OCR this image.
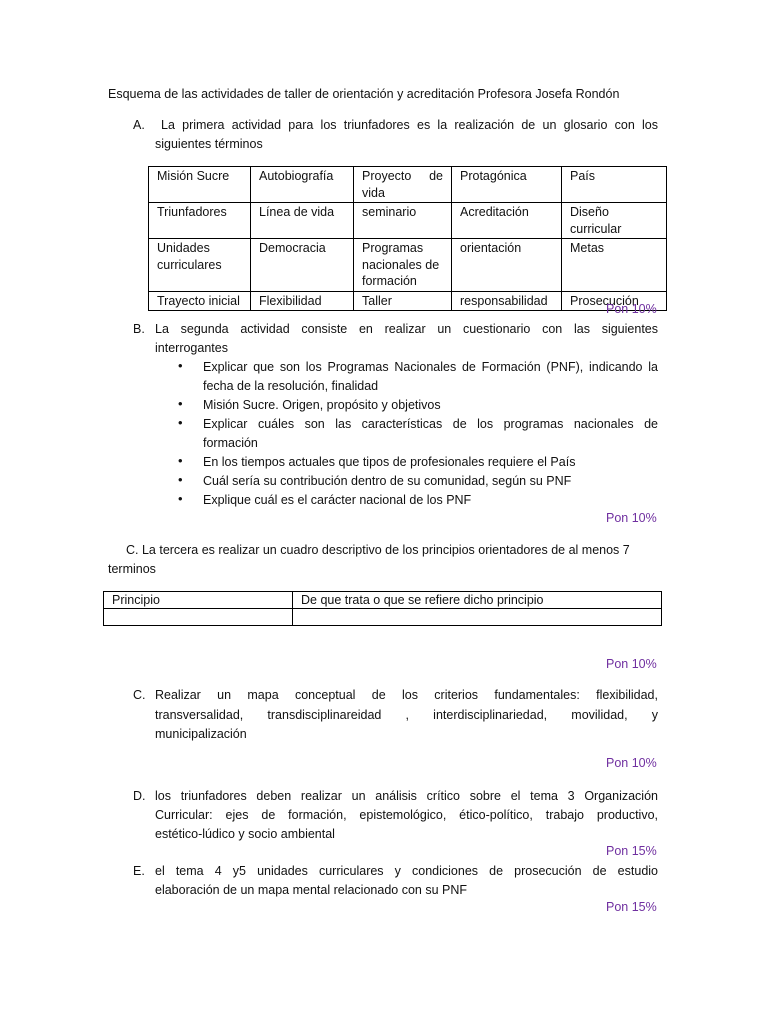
Esquema de las actividades de taller de orientación y acreditación Profesora Josefa Rondón
A.	La primera actividad para los triunfadores es la realización de un glosario con los
siguientes términos
Misión Sucre	Autobiografía	Proyecto de vida	Protagónica	País
Triunfadores	Línea de vida	seminario	Acreditación	Diseño curricular
Unidades curriculares	Democracia	Programas nacionales de formación	orientación	Metas
Trayecto inicial	Flexibilidad	Taller	responsabilidad	Prosecución
Pon 10%
B. La segunda actividad consiste en realizar un cuestionario con las siguientes
interrogantes
• Explicar que son los Programas Nacionales de Formación (PNF), indicando la
fecha de la resolución, finalidad
• Misión Sucre. Origen, propósito y objetivos
• Explicar cuáles son las características de los programas nacionales de
formación
• En los tiempos actuales que tipos de profesionales requiere el País
• Cuál sería su contribución dentro de su comunidad, según su PNF
• Explique cuál es el carácter nacional de los PNF
Pon 10%
C. La tercera es realizar un cuadro descriptivo de los principios orientadores de al menos 7
terminos
Principio	De que trata o que se refiere dicho principio

Pon 10%
C. Realizar un mapa conceptual de los criterios fundamentales: flexibilidad,
transversalidad, transdisciplinareidad , interdisciplinariedad, movilidad, y
municipalización
Pon 10%
D. los triunfadores deben realizar un análisis crítico sobre el tema 3 Organización
Curricular: ejes de formación, epistemológico, ético-político, trabajo productivo,
estético-lúdico y socio ambiental
Pon 15%
E. el tema 4 y5 unidades curriculares y condiciones de prosecución de estudio
elaboración de un mapa mental relacionado con su PNF
Pon 15%
